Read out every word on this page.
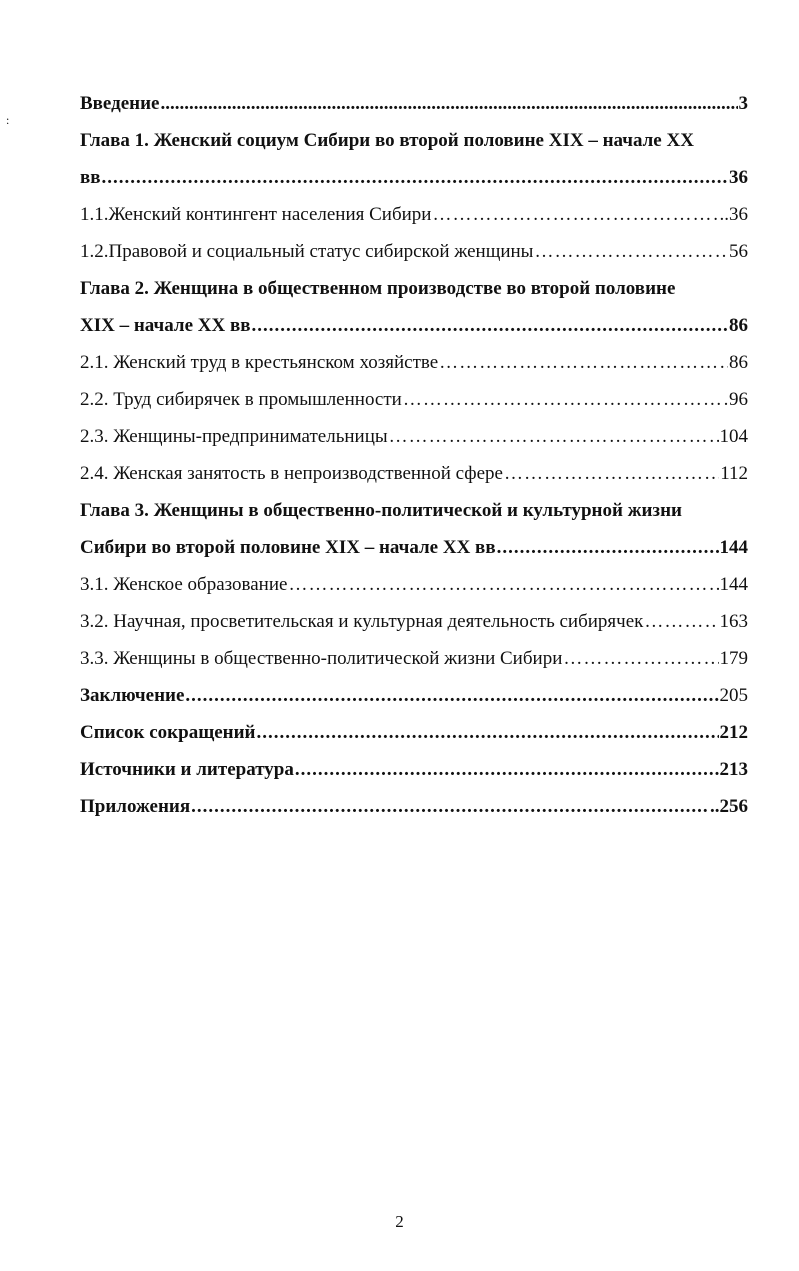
:
Введение .....	3
Глава 1. Женский социум Сибири во второй половине XIX – начале XX
вв .....	36
1.1.Женский контингент населения Сибири …………………………………………………………………………………………………………………………………………………………………………………………	..36
1.2.Правовой и социальный статус сибирской женщины …………………………………………………………………………………………………………………………………………………………………………………………	56
Глава 2. Женщина в общественном производстве во второй половине
XIX – начале XX вв .....	86
2.1. Женский труд в крестьянском хозяйстве …………………………………………………………………………………………………………………………………………………………………………………………	86
2.2. Труд сибирячек в промышленности …………………………………………………………………………………………………………………………………………………………………………………………	96
2.3. Женщины-предпринимательницы …………………………………………………………………………………………………………………………………………………………………………………………	104
2.4. Женская занятость в непроизводственной сфере …………………………………………………………………………………………………………………………………………………………………………………………	112
Глава 3. Женщины в общественно-политической и культурной жизни
Сибири во второй половине XIX – начале XX вв .....	144
3.1. Женское образование …………………………………………………………………………………………………………………………………………………………………………………………	144
3.2. Научная, просветительская и культурная деятельность сибирячек …………………………………………………………………………………………………………………………………………………………………………………………	163
3.3. Женщины в общественно-политической жизни Сибири …………………………………………………………………………………………………………………………………………………………………………………………	179
Заключение .....	205
Список сокращений .....	212
Источники и литература .....	213
Приложения .....	..256
2
